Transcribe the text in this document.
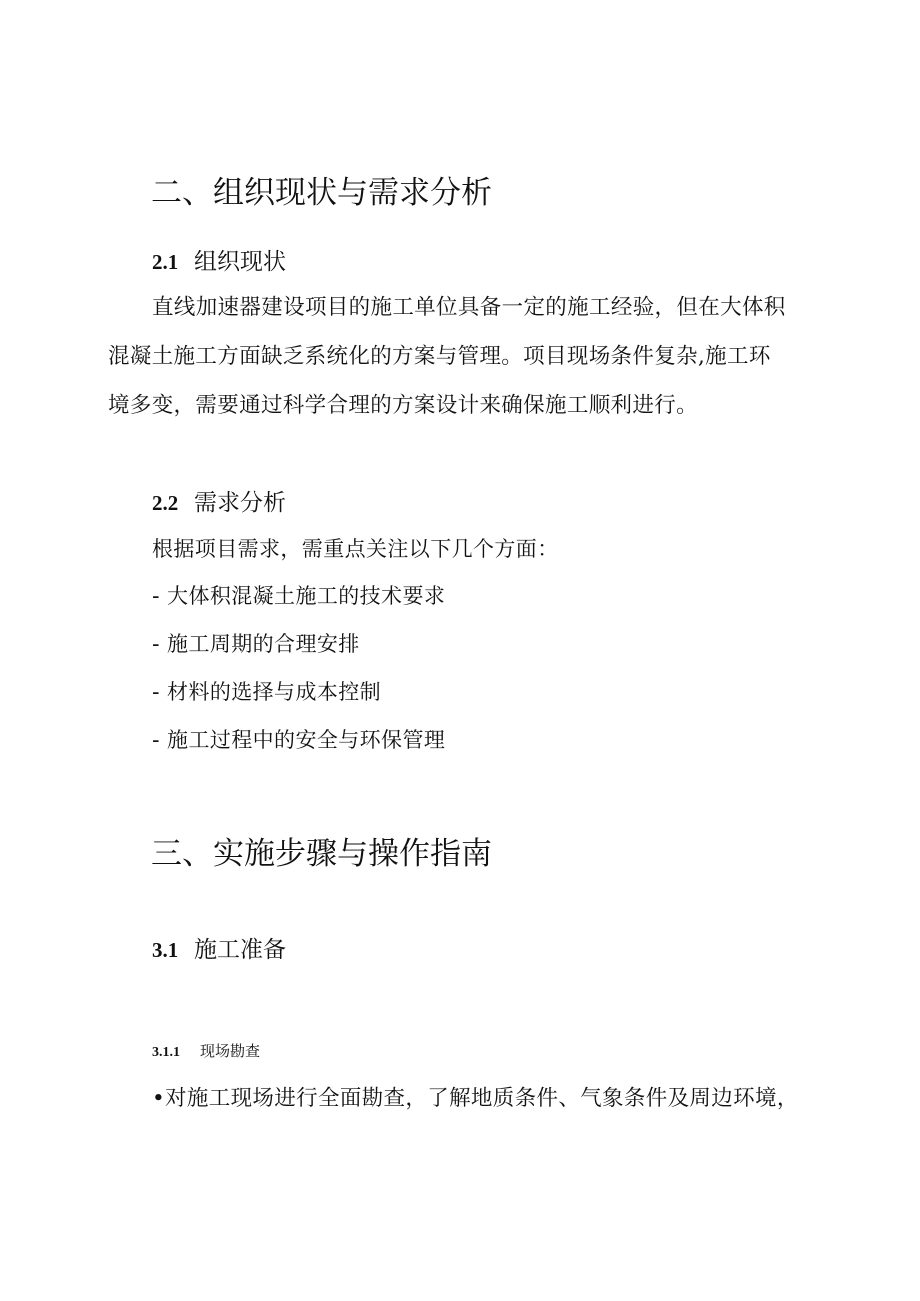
二、组织现状与需求分析
2.1 组织现状
直线加速器建设项目的施工单位具备一定的施工经验，但在大体积
混凝土施工方面缺乏系统化的方案与管理。项目现场条件复杂,施工环
境多变，需要通过科学合理的方案设计来确保施工顺利进行。
2.2 需求分析
根据项目需求，需重点关注以下几个方面：
- 大体积混凝土施工的技术要求
- 施工周期的合理安排
- 材料的选择与成本控制
- 施工过程中的安全与环保管理
三、实施步骤与操作指南
3.1 施工准备
3.1.1 现场勘查
•对施工现场进行全面勘查，了解地质条件、气象条件及周边环境，
